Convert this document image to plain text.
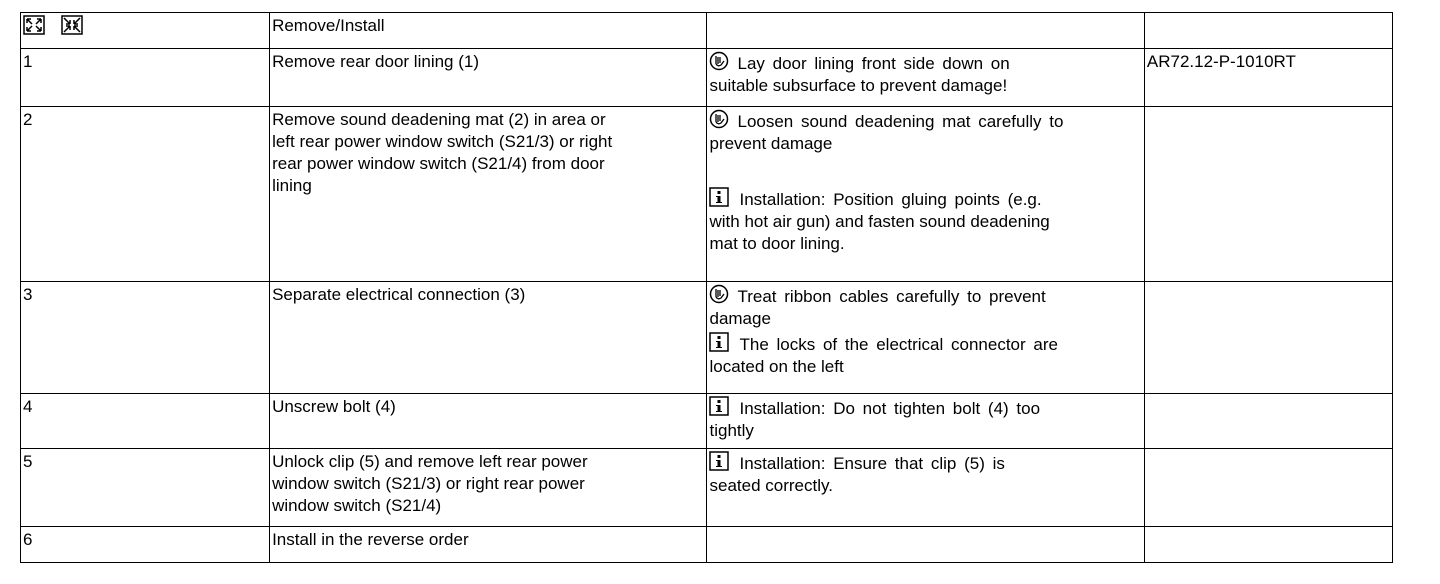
	Remove/Install		
1	Remove rear door lining (1)	Lay door lining front side down on
suitable subsurface to prevent damage!	AR72.12-P-1010RT
2	Remove sound deadening mat (2) in area or
left rear power window switch (S21/3) or right
rear power window switch (S21/4) from door
lining	Loosen sound deadening mat carefully to
prevent damage
Installation: Position gluing points (e.g.
with hot air gun) and fasten sound deadening
mat to door lining.	

3	Separate electrical connection (3)	Treat ribbon cables carefully to prevent
damage
The locks of the electrical connector are
located on the left	

4	Unscrew bolt (4)	Installation: Do not tighten bolt (4) too
tightly	

5	Unlock clip (5) and remove left rear power
window switch (S21/3) or right rear power
window switch (S21/4)	Installation: Ensure that clip (5) is
seated correctly.	

6	Install in the reverse order		
